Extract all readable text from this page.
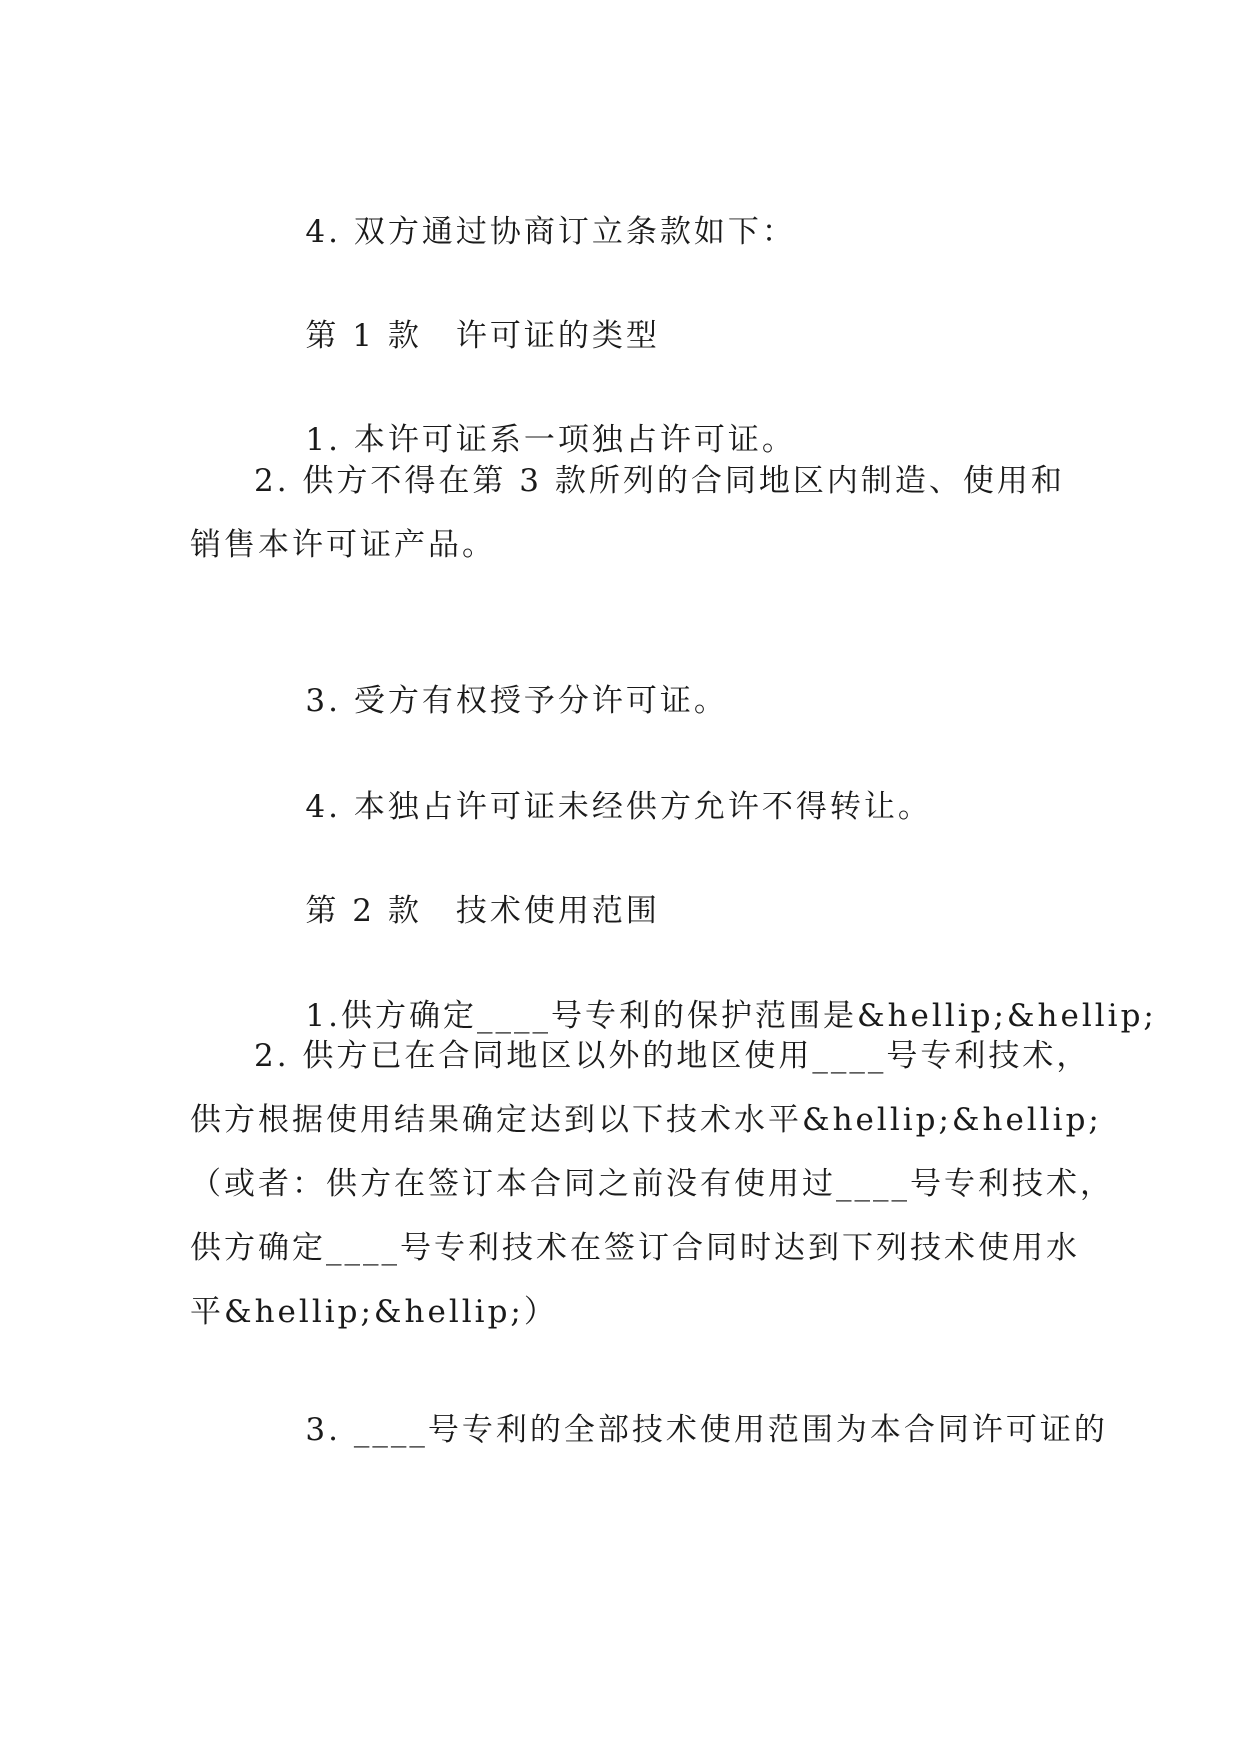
4. 双方通过协商订立条款如下：

第 1 款　许可证的类型

1. 本许可证系一项独占许可证。

2. 供方不得在第 3 款所列的合同地区内制造、使用和
销售本许可证产品。

3. 受方有权授予分许可证。

4. 本独占许可证未经供方允许不得转让。

第 2 款　技术使用范围

1.供方确定____号专利的保护范围是&hellip;&hellip;

2. 供方已在合同地区以外的地区使用____号专利技术，
供方根据使用结果确定达到以下技术水平&hellip;&hellip;
（或者：供方在签订本合同之前没有使用过____号专利技术，
供方确定____号专利技术在签订合同时达到下列技术使用水
平&hellip;&hellip;）

3. ____号专利的全部技术使用范围为本合同许可证的
